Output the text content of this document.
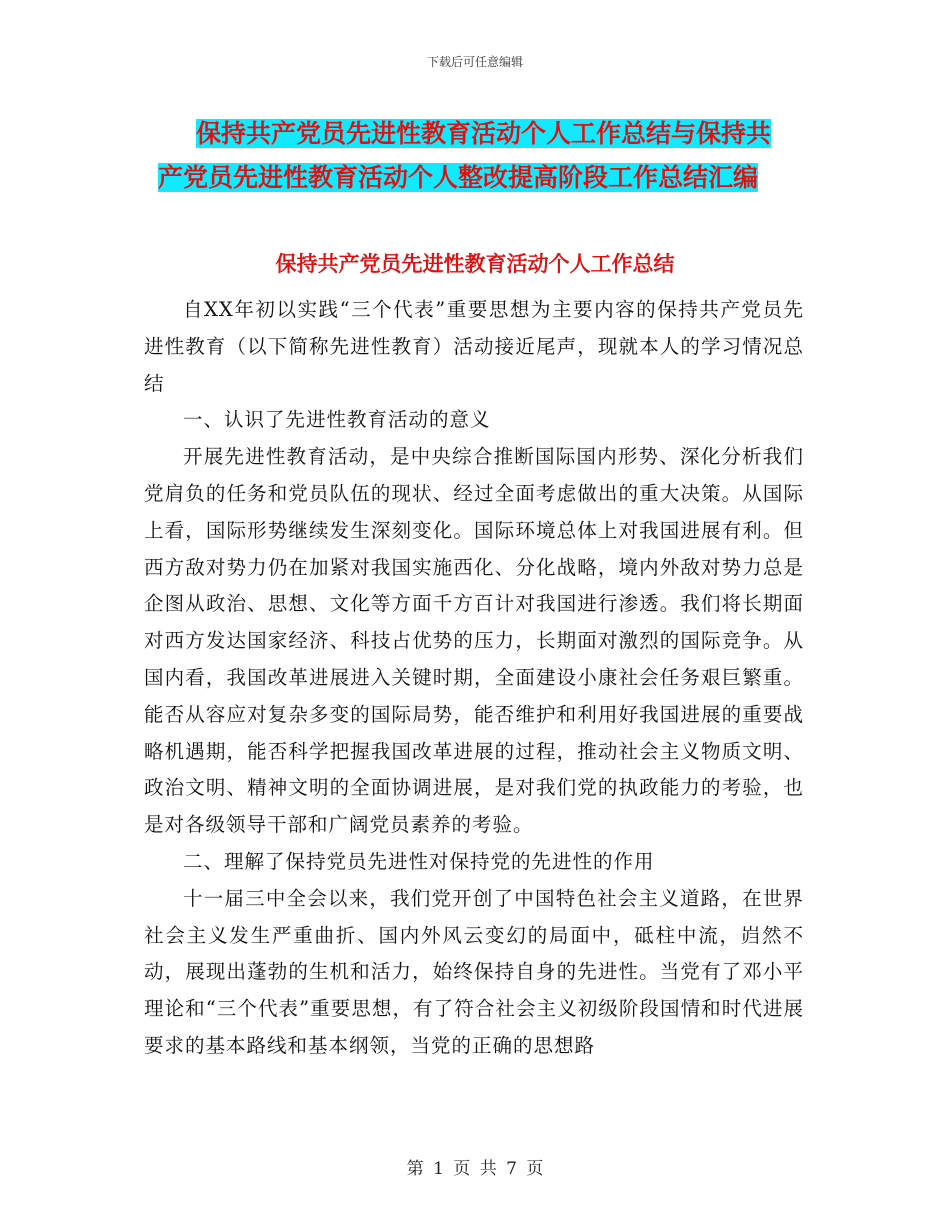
下载后可任意编辑
保持共产党员先进性教育活动个人工作总结与保持共
产党员先进性教育活动个人整改提高阶段工作总结汇编
保持共产党员先进性教育活动个人工作总结

自XX年初以实践“三个代表”重要思想为主要内容的保持共产党员先进性教育（以下简称先进性教育）活动接近尾声，现就本人的学习情况总结

一、认识了先进性教育活动的意义

开展先进性教育活动，是中央综合推断国际国内形势、深化分析我们党肩负的任务和党员队伍的现状、经过全面考虑做出的重大决策。从国际上看，国际形势继续发生深刻变化。国际环境总体上对我国进展有利。但西方敌对势力仍在加紧对我国实施西化、分化战略，境内外敌对势力总是企图从政治、思想、文化等方面千方百计对我国进行渗透。我们将长期面对西方发达国家经济、科技占优势的压力，长期面对激烈的国际竞争。从国内看，我国改革进展进入关键时期，全面建设小康社会任务艰巨繁重。能否从容应对复杂多变的国际局势，能否维护和利用好我国进展的重要战略机遇期，能否科学把握我国改革进展的过程，推动社会主义物质文明、政治文明、精神文明的全面协调进展，是对我们党的执政能力的考验，也是对各级领导干部和广阔党员素养的考验。

二、理解了保持党员先进性对保持党的先进性的作用

十一届三中全会以来，我们党开创了中国特色社会主义道路，在世界社会主义发生严重曲折、国内外风云变幻的局面中，砥柱中流，岿然不动，展现出蓬勃的生机和活力，始终保持自身的先进性。当党有了邓小平理论和“三个代表”重要思想，有了符合社会主义初级阶段国情和时代进展要求的基本路线和基本纲领，当党的正确的思想路

第 1 页 共 7 页
